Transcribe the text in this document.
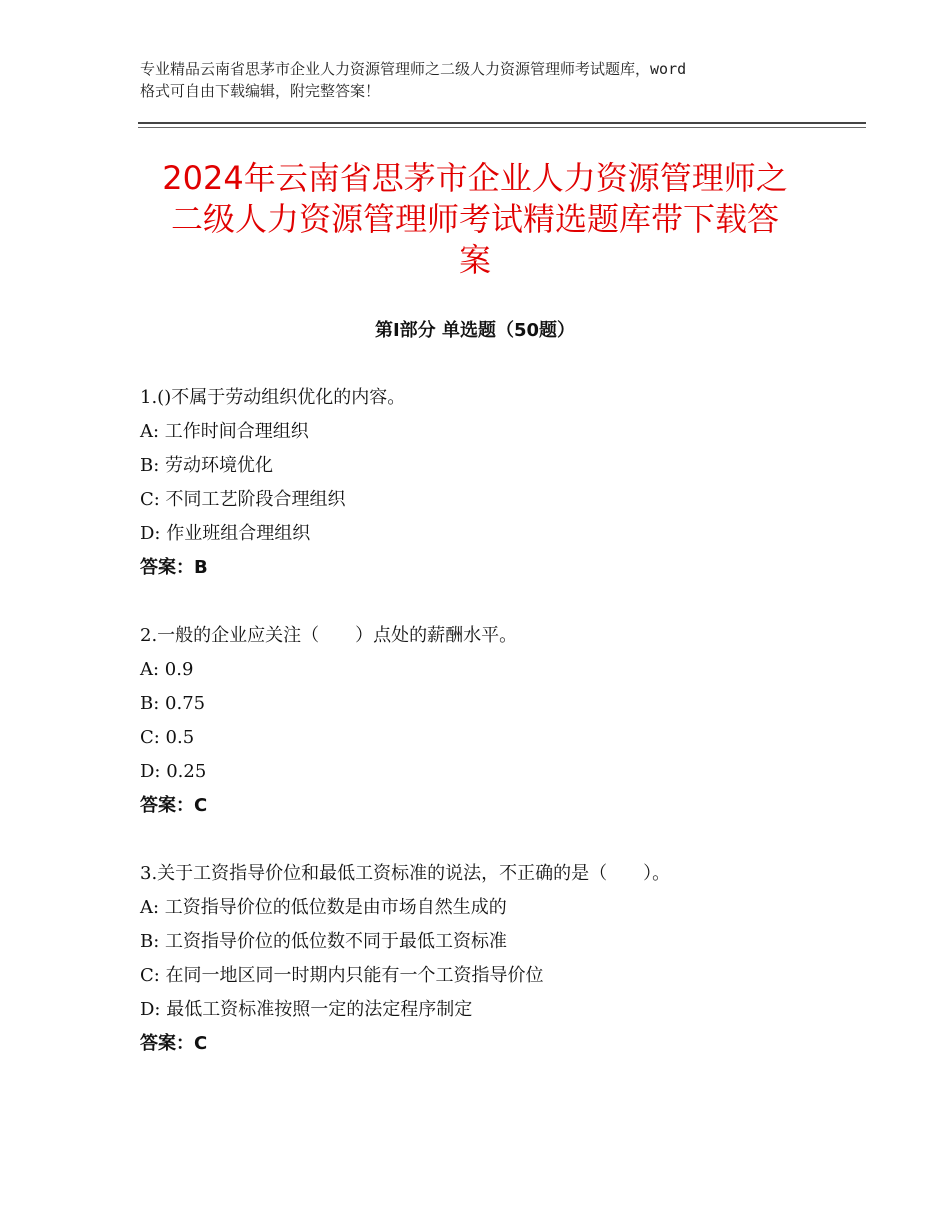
专业精品云南省思茅市企业人力资源管理师之二级人力资源管理师考试题库，word
格式可自由下载编辑，附完整答案！
2024年云南省思茅市企业人力资源管理师之
二级人力资源管理师考试精选题库带下载答
案
第Ⅰ部分 单选题（50题）
1.()不属于劳动组织优化的内容。
A: 工作时间合理组织
B: 劳动环境优化
C: 不同工艺阶段合理组织
D: 作业班组合理组织
答案：B
2.一般的企业应关注（　　）点处的薪酬水平。
A: 0.9
B: 0.75
C: 0.5
D: 0.25
答案：C
3.关于工资指导价位和最低工资标准的说法，不正确的是（　　）。
A: 工资指导价位的低位数是由市场自然生成的
B: 工资指导价位的低位数不同于最低工资标准
C: 在同一地区同一时期内只能有一个工资指导价位
D: 最低工资标准按照一定的法定程序制定
答案：C
